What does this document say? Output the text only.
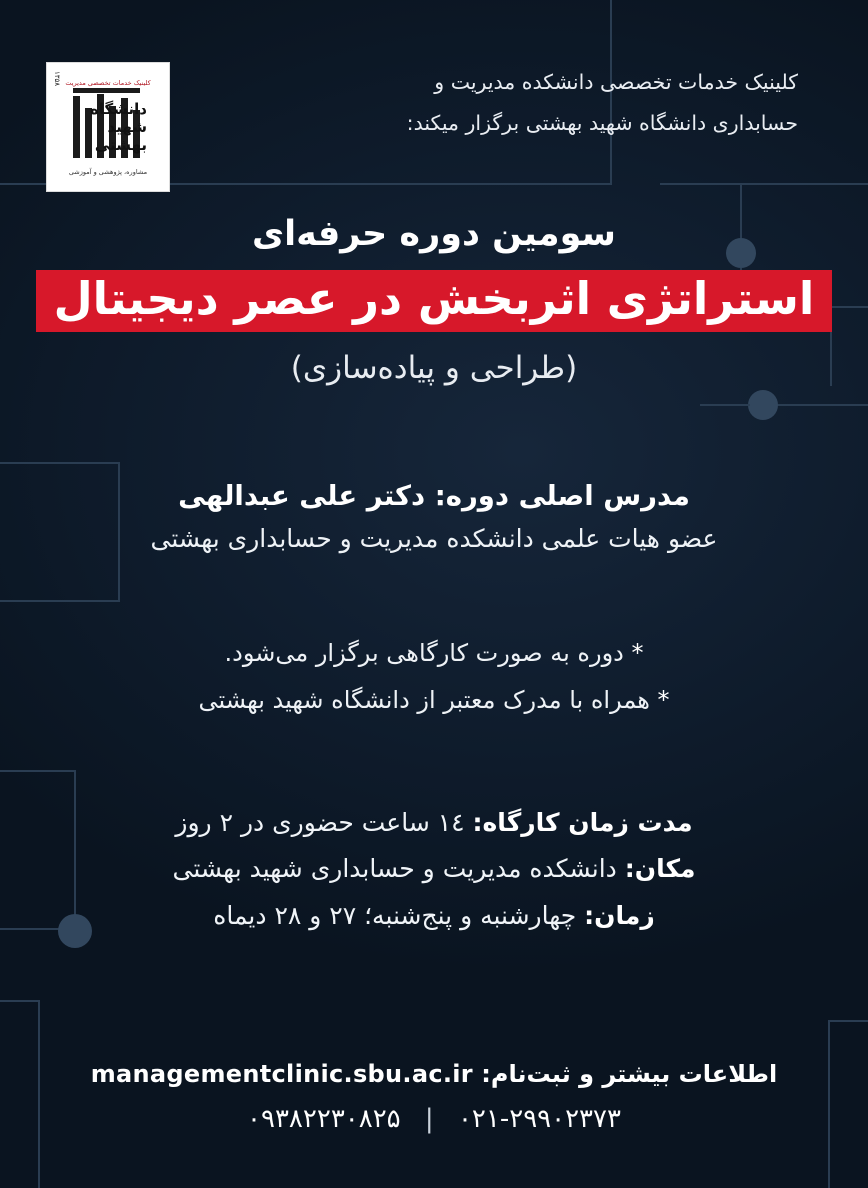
کلینیک خدمات تخصصی مدیریت
دانشگاه شهید بهشتی
۱۳۵۸
مشاوره، پژوهشی و آموزشی
کلینیک خدمات تخصصی دانشکده مدیریت و
حسابداری دانشگاه شهید بهشتی برگزار میکند:
سومین دوره حرفه‌ای
استراتژی اثربخش در عصر دیجیتال
(طراحی و پیاده‌سازی)
مدرس اصلی دوره: دکتر علی عبدالهی
عضو هیات علمی دانشکده مدیریت و حسابداری بهشتی
* دوره به صورت کارگاهی برگزار می‌شود.
* همراه با مدرک معتبر از دانشگاه شهید بهشتی
مدت زمان کارگاه: ۱٤ ساعت حضوری در ۲ روز
مکان: دانشکده مدیریت و حسابداری شهید بهشتی
زمان: چهارشنبه و پنج‌شنبه؛ ۲۷ و ۲۸ دیماه
اطلاعات بیشتر و ثبت‌نام: managementclinic.sbu.ac.ir
۰۲۱-۲۹۹۰۲۳۷۳ | ۰۹۳۸۲۲۳۰۸۲۵
